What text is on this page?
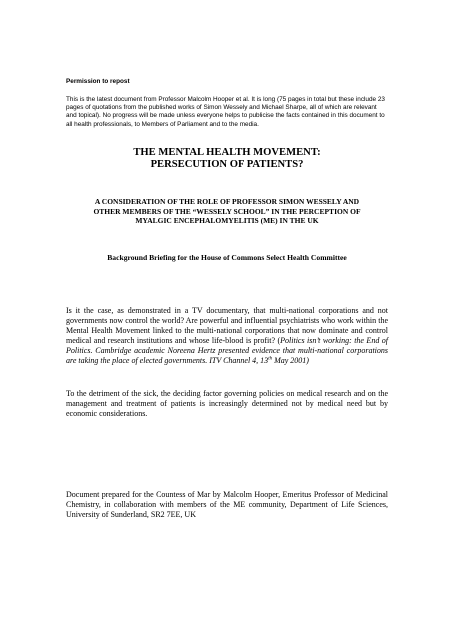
Permission to repost
This is the latest document from Professor Malcolm Hooper et al. It is long (75 pages in total but these include 23 pages of quotations from the published works of Simon Wessely and Michael Sharpe, all of which are relevant and topical). No progress will be made unless everyone helps to publicise the facts contained in this document to all health professionals, to Members of Parliament and to the media.
THE MENTAL HEALTH MOVEMENT:
PERSECUTION OF PATIENTS?
A CONSIDERATION OF THE ROLE OF PROFESSOR SIMON WESSELY AND
OTHER MEMBERS OF THE “WESSELY SCHOOL” IN THE PERCEPTION OF
MYALGIC ENCEPHALOMYELITIS (ME) IN THE UK
Background Briefing for the House of Commons Select Health Committee
Is it the case, as demonstrated in a TV documentary, that multi-national corporations and not governments now control the world? Are powerful and influential psychiatrists who work within the Mental Health Movement linked to the multi-national corporations that now dominate and control medical and research institutions and whose life-blood is profit? (Politics isn’t working: the End of Politics. Cambridge academic Noreena Hertz presented evidence that multi-national corporations are taking the place of elected governments. ITV Channel 4, 13th May 2001)
To the detriment of the sick, the deciding factor governing policies on medical research and on the management and treatment of patients is increasingly determined not by medical need but by economic considerations.
Document prepared for the Countess of Mar by Malcolm Hooper, Emeritus Professor of Medicinal Chemistry, in collaboration with members of the ME community, Department of Life Sciences, University of Sunderland, SR2 7EE, UK
